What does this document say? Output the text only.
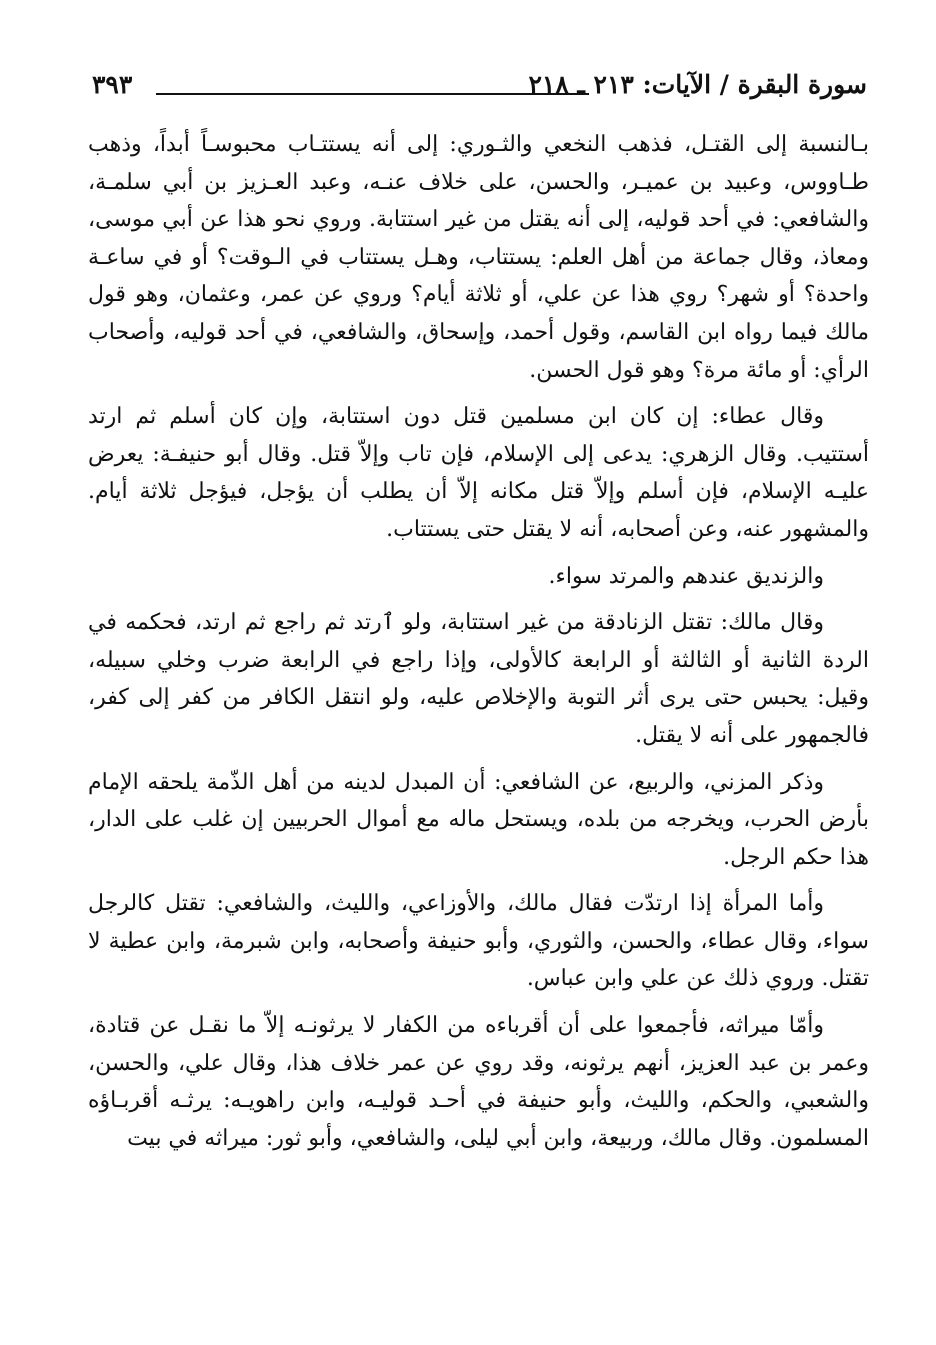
سورة البقرة / الآيات: ٢١٣ ـ ٢١٨
٣٩٣

بـالنسبة إلى القتـل، فذهب النخعي والثـوري: إلى أنه يستتـاب محبوسـاً أبداً، وذهب طـاووس، وعبيد بن عميـر، والحسن، على خلاف عنـه، وعبد العـزيز بن أبي سلمـة، والشافعي: في أحد قوليه، إلى أنه يقتل من غير استتابة. وروي نحو هذا عن أبي موسى، ومعاذ، وقال جماعة من أهل العلم: يستتاب، وهـل يستتاب في الـوقت؟ أو في ساعـة واحدة؟ أو شهر؟ روي هذا عن علي، أو ثلاثة أيام؟ وروي عن عمر، وعثمان، وهو قول مالك فيما رواه ابن القاسم، وقول أحمد، وإسحاق، والشافعي، في أحد قوليه، وأصحاب الرأي: أو مائة مرة؟ وهو قول الحسن.

وقال عطاء: إن كان ابن مسلمين قتل دون استتابة، وإن كان أسلم ثم ارتد أستتيب. وقال الزهري: يدعى إلى الإسلام، فإن تاب وإلاّ قتل. وقال أبو حنيفـة: يعرض عليـه الإسلام، فإن أسلم وإلاّ قتل مكانه إلاّ أن يطلب أن يؤجل، فيؤجل ثلاثة أيام. والمشهور عنه، وعن أصحابه، أنه لا يقتل حتى يستتاب.

والزنديق عندهم والمرتد سواء.

وقال مالك: تقتل الزنادقة من غير استتابة، ولو ٱرتد ثم راجع ثم ارتد، فحكمه في الردة الثانية أو الثالثة أو الرابعة كالأولى، وإذا راجع في الرابعة ضرب وخلي سبيله، وقيل: يحبس حتى يرى أثر التوبة والإخلاص عليه، ولو انتقل الكافر من كفر إلى كفر، فالجمهور على أنه لا يقتل.

وذكر المزني، والربيع، عن الشافعي: أن المبدل لدينه من أهل الذّمة يلحقه الإمام بأرض الحرب، ويخرجه من بلده، ويستحل ماله مع أموال الحربيين إن غلب على الدار، هذا حكم الرجل.

وأما المرأة إذا ارتدّت فقال مالك، والأوزاعي، والليث، والشافعي: تقتل كالرجل سواء، وقال عطاء، والحسن، والثوري، وأبو حنيفة وأصحابه، وابن شبرمة، وابن عطية لا تقتل. وروي ذلك عن علي وابن عباس.

وأمّا ميراثه، فأجمعوا على أن أقرباءه من الكفار لا يرثونـه إلاّ ما نقـل عن قتادة، وعمر بن عبد العزيز، أنهم يرثونه، وقد روي عن عمر خلاف هذا، وقال علي، والحسن، والشعبي، والحكم، والليث، وأبو حنيفة في أحـد قوليـه، وابن راهويـه: يرثـه أقربـاؤه المسلمون. وقال مالك، وربيعة، وابن أبي ليلى، والشافعي، وأبو ثور: ميراثه في بيت
